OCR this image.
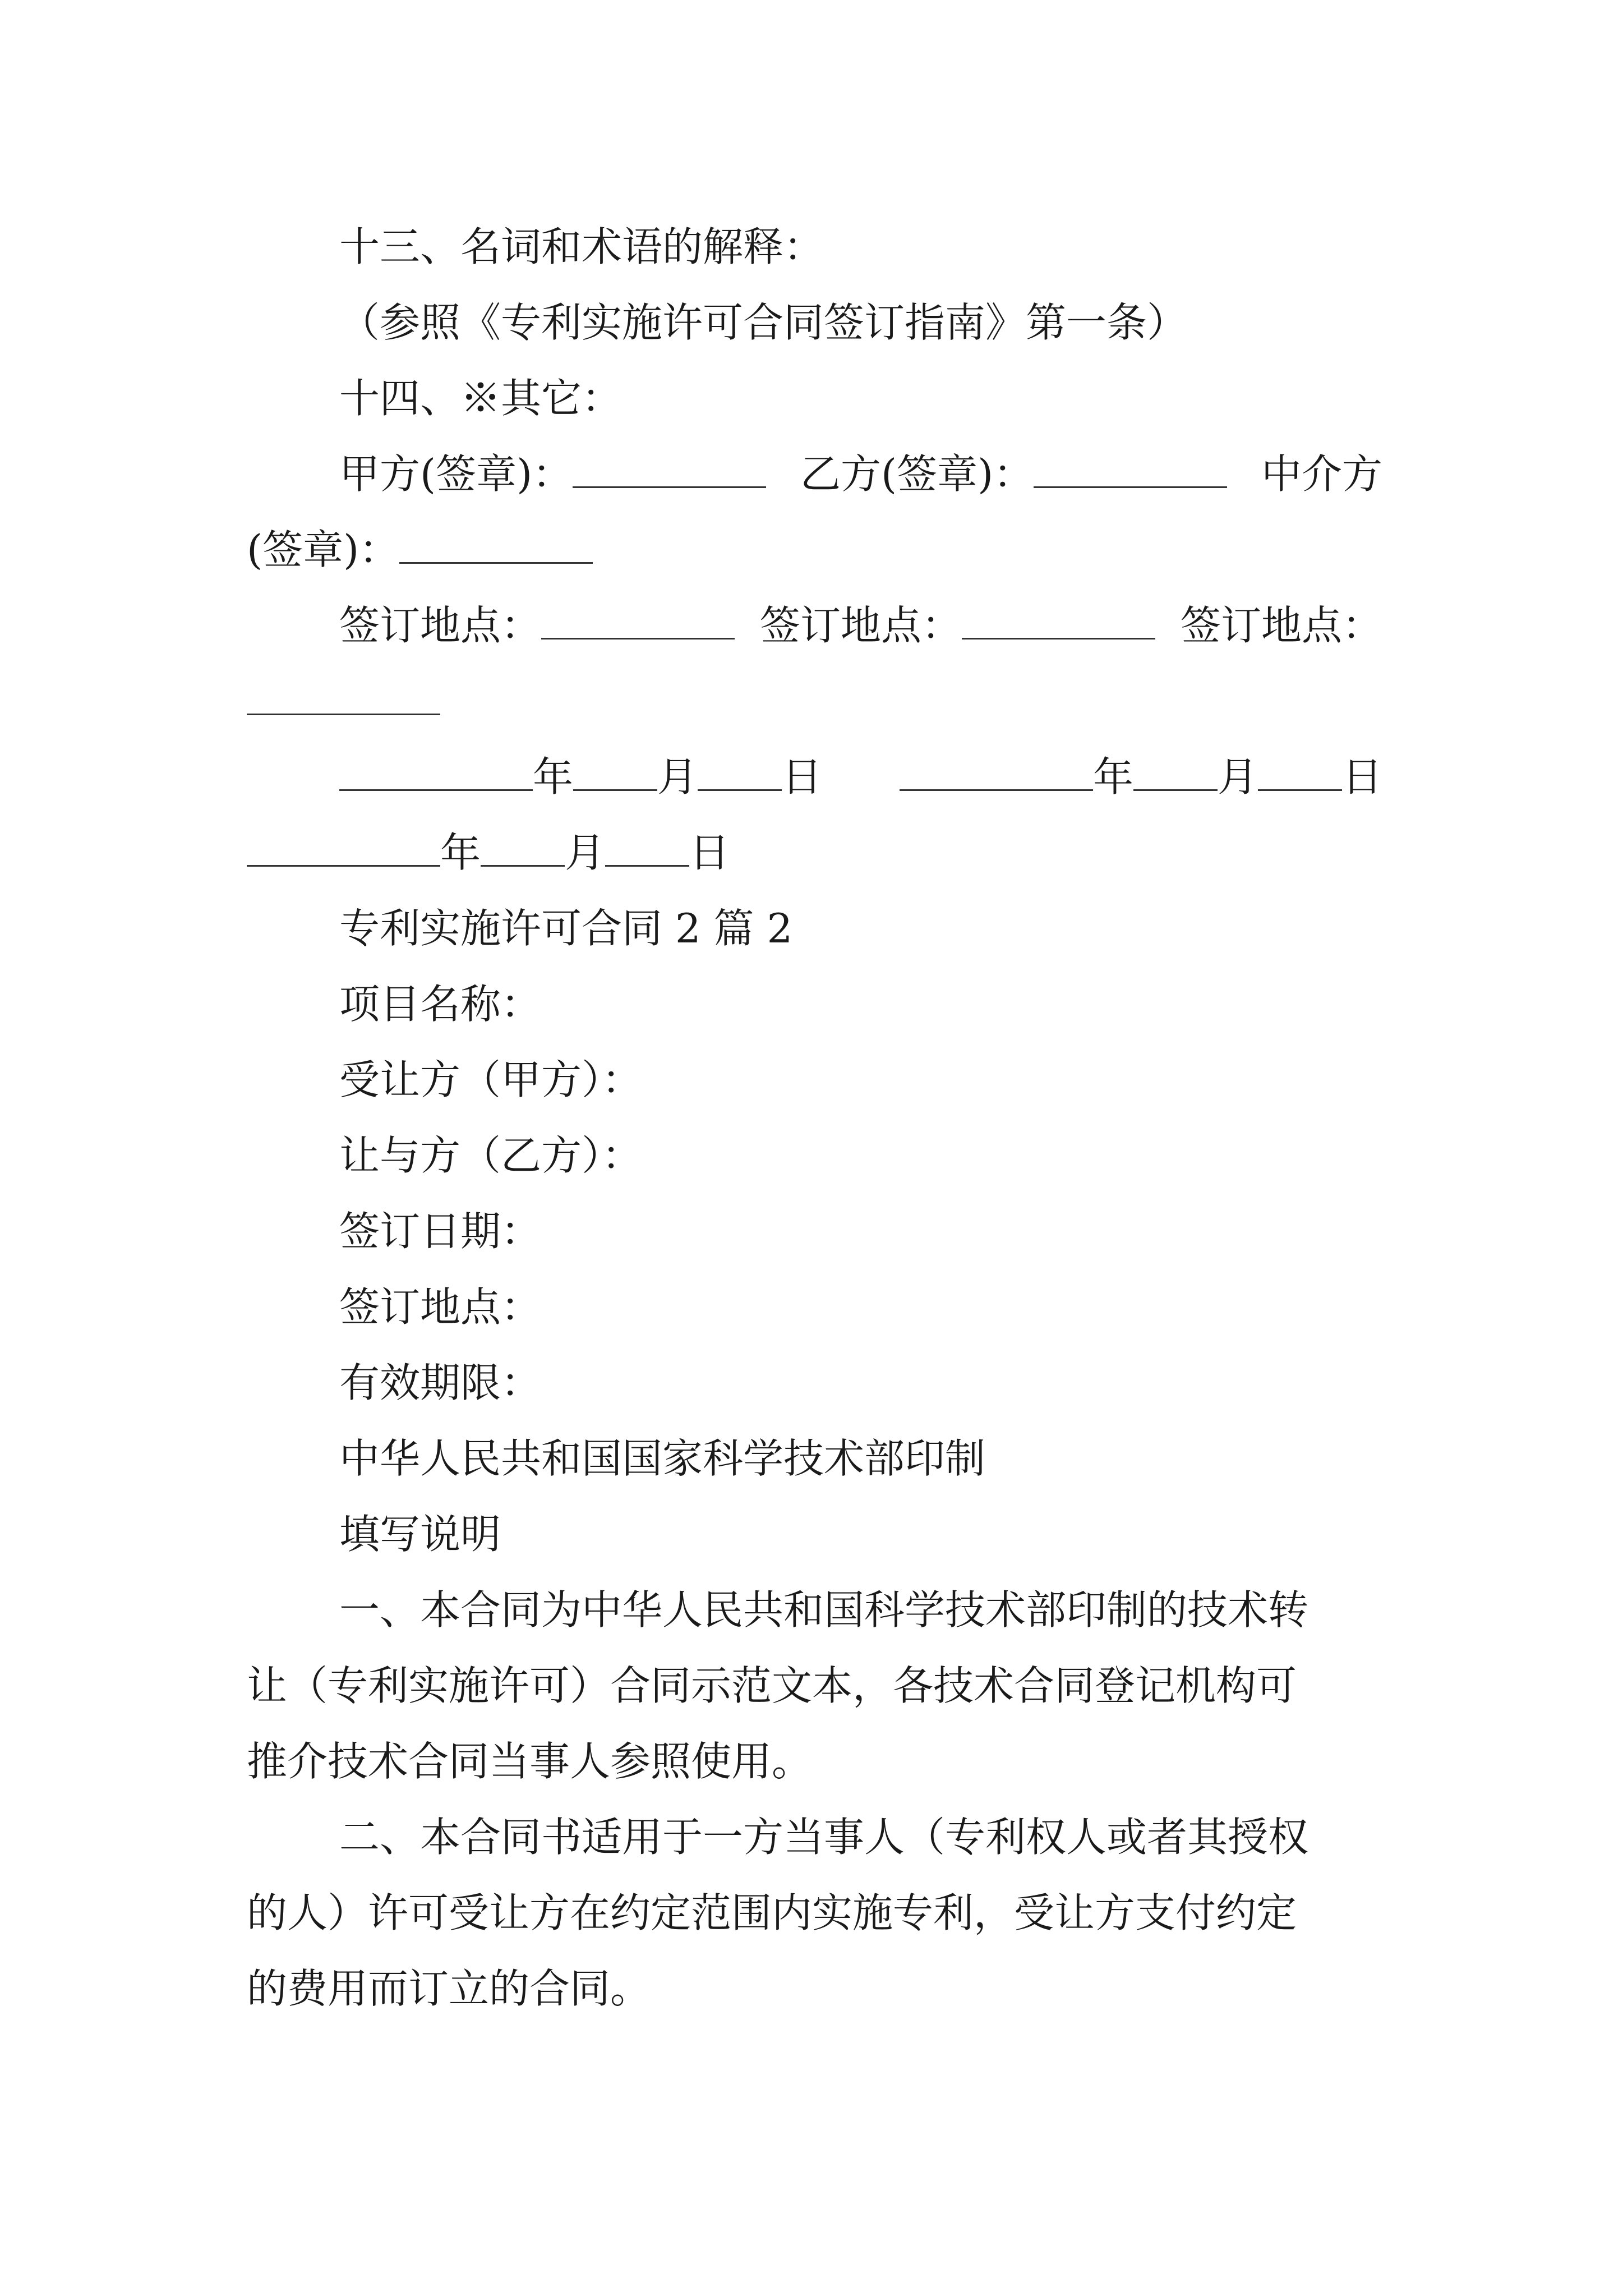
十三、名词和术语的解释：
（参照《专利实施许可合同签订指南》第一条）
十四、※其它：
甲方(签章)：	乙方(签章)：	中介方
(签章)：
签订地点：	签订地点：	签订地点：
年 月 日	年 月 日
年 月 日
专利实施许可合同 2 篇 2
项目名称：
受让方（甲方）：
让与方（乙方）：
签订日期：
签订地点：
有效期限：
中华人民共和国国家科学技术部印制
填写说明
一、本合同为中华人民共和国科学技术部印制的技术转
让（专利实施许可）合同示范文本，各技术合同登记机构可
推介技术合同当事人参照使用。
二、本合同书适用于一方当事人（专利权人或者其授权
的人）许可受让方在约定范围内实施专利，受让方支付约定
的费用而订立的合同。
